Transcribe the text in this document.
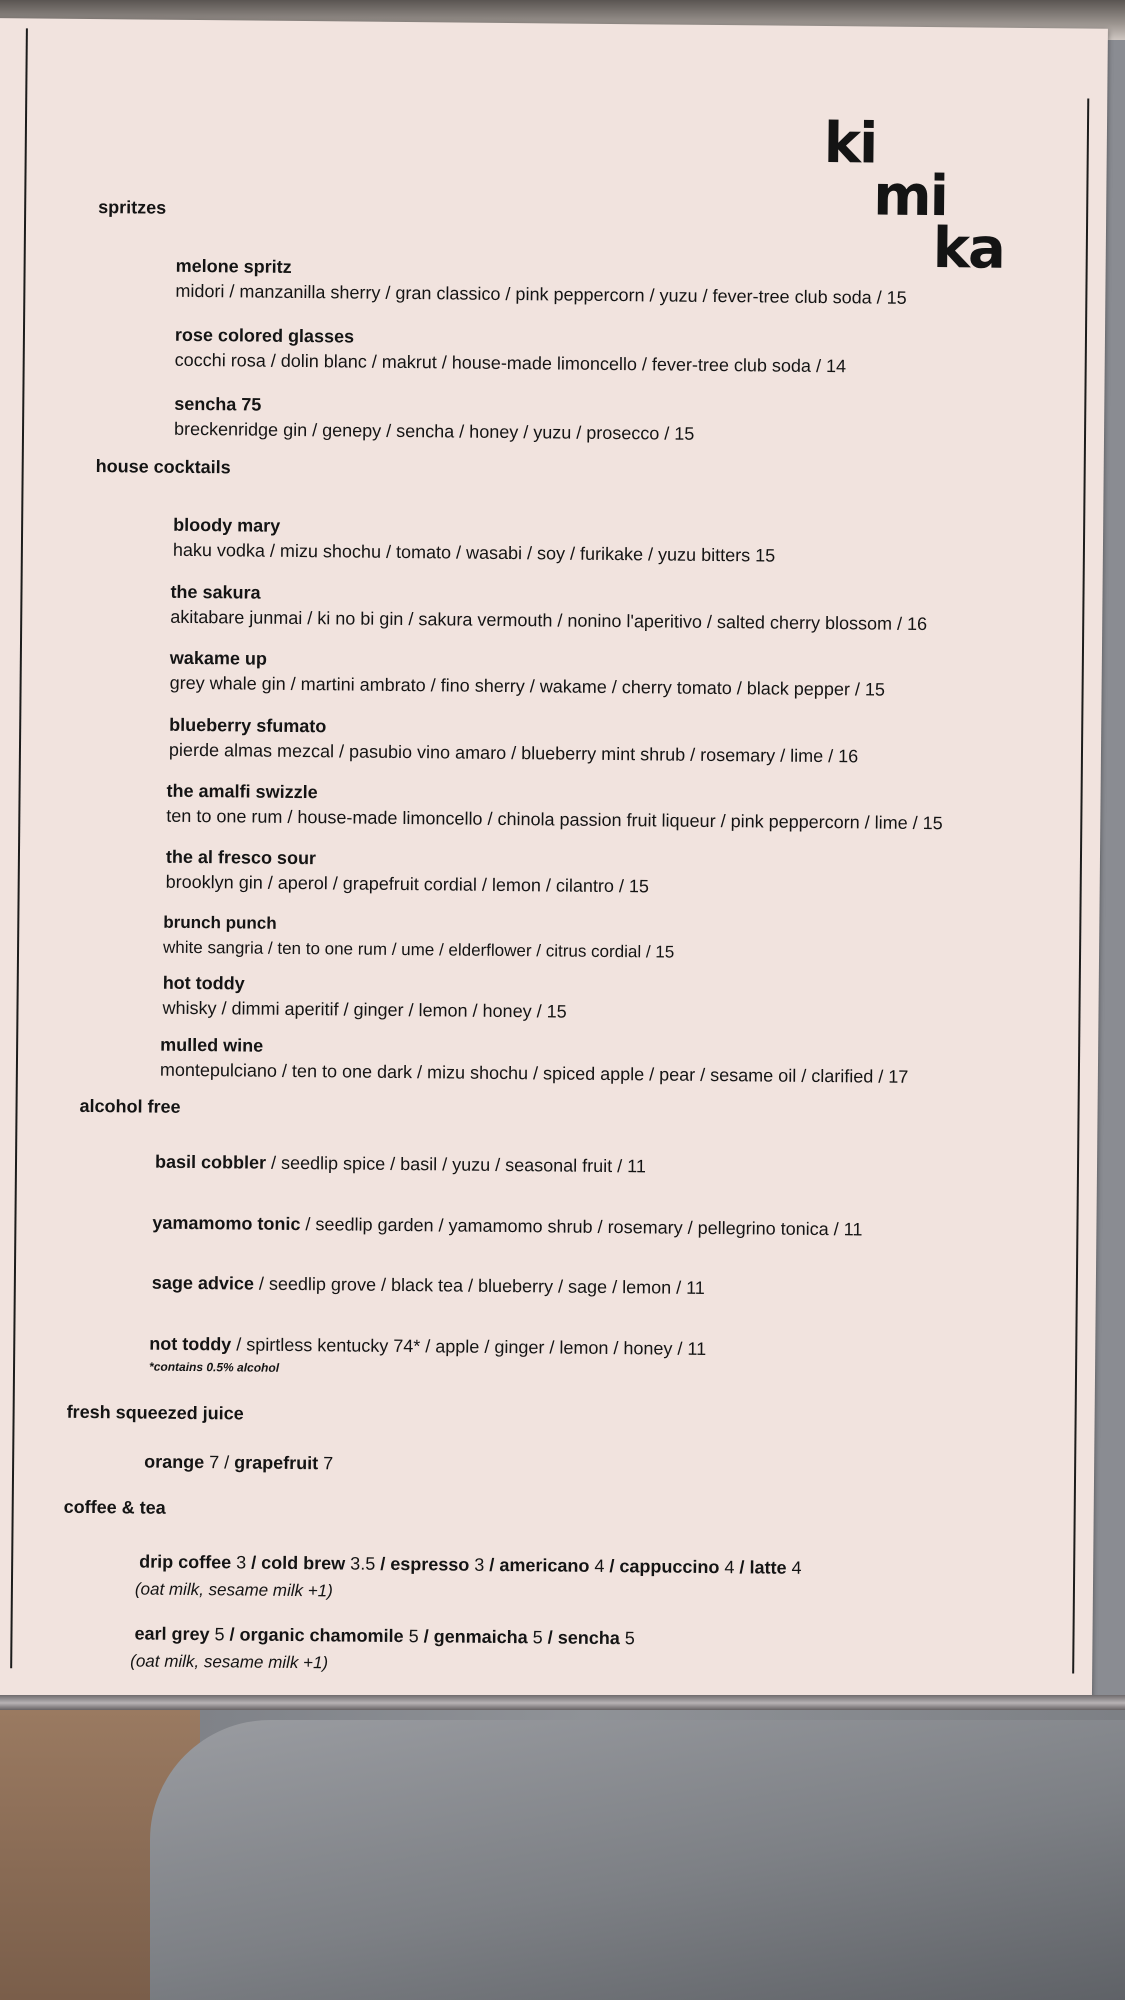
ki
mi
ka
spritzes
melone spritz
midori / manzanilla sherry / gran classico / pink peppercorn / yuzu / fever-tree club soda / 15
rose colored glasses
cocchi rosa / dolin blanc / makrut / house-made limoncello / fever-tree club soda / 14
sencha 75
breckenridge gin / genepy / sencha / honey / yuzu / prosecco / 15
house cocktails
bloody mary
haku vodka / mizu shochu / tomato / wasabi / soy / furikake / yuzu bitters 15
the sakura
akitabare junmai / ki no bi gin / sakura vermouth / nonino l'aperitivo / salted cherry blossom / 16
wakame up
grey whale gin / martini ambrato / fino sherry / wakame / cherry tomato / black pepper / 15
blueberry sfumato
pierde almas mezcal / pasubio vino amaro / blueberry mint shrub / rosemary / lime / 16
the amalfi swizzle
ten to one rum / house-made limoncello / chinola passion fruit liqueur / pink peppercorn / lime / 15
the al fresco sour
brooklyn gin / aperol / grapefruit cordial / lemon / cilantro / 15
brunch punch
white sangria / ten to one rum / ume / elderflower / citrus cordial / 15
hot toddy
whisky / dimmi aperitif / ginger / lemon / honey / 15
mulled wine
montepulciano / ten to one dark / mizu shochu / spiced apple / pear / sesame oil / clarified / 17
alcohol free
basil cobbler / seedlip spice / basil / yuzu / seasonal fruit / 11
yamamomo tonic / seedlip garden / yamamomo shrub / rosemary / pellegrino tonica / 11
sage advice / seedlip grove / black tea / blueberry / sage / lemon / 11
not toddy / spirtless kentucky 74* / apple / ginger / lemon / honey / 11
*contains 0.5% alcohol
fresh squeezed juice
orange 7 / grapefruit 7
coffee & tea
drip coffee 3 / cold brew 3.5 / espresso 3 / americano 4 / cappuccino 4 / latte 4
(oat milk, sesame milk +1)
earl grey 5 / organic chamomile 5 / genmaicha 5 / sencha 5
(oat milk, sesame milk +1)
